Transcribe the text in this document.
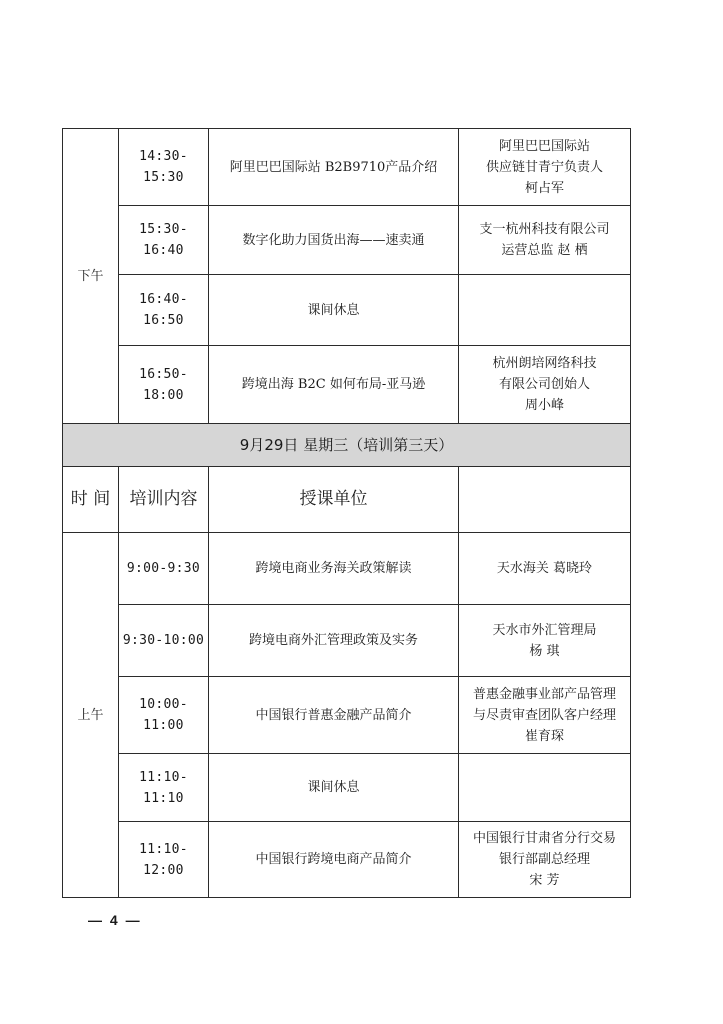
下午	14:30-15:30	阿里巴巴国际站 B2B9710产品介绍	阿里巴巴国际站
供应链甘青宁负责人
柯占军

	15:30-16:40	数字化助力国货出海——速卖通	支一杭州科技有限公司
运营总监 赵 栖

	16:40-16:50	课间休息	
	16:50-18:00	跨境出海 B2C 如何布局-亚马逊	杭州朗培网络科技
有限公司创始人
周小峰

9月29日 星期三（培训第三天）			
时 间	培训内容	授课单位	
上午	9:00-9:30	跨境电商业务海关政策解读	天水海关 葛晓玲

	9:30-10:00	跨境电商外汇管理政策及实务	天水市外汇管理局
杨 琪

	10:00-11:00	中国银行普惠金融产品简介	普惠金融事业部产品管理
与尽责审查团队客户经理
崔育琛

	11:10-11:10	课间休息	
	11:10-12:00	中国银行跨境电商产品简介	中国银行甘肃省分行交易
银行部副总经理
宋 芳
— 4 —
